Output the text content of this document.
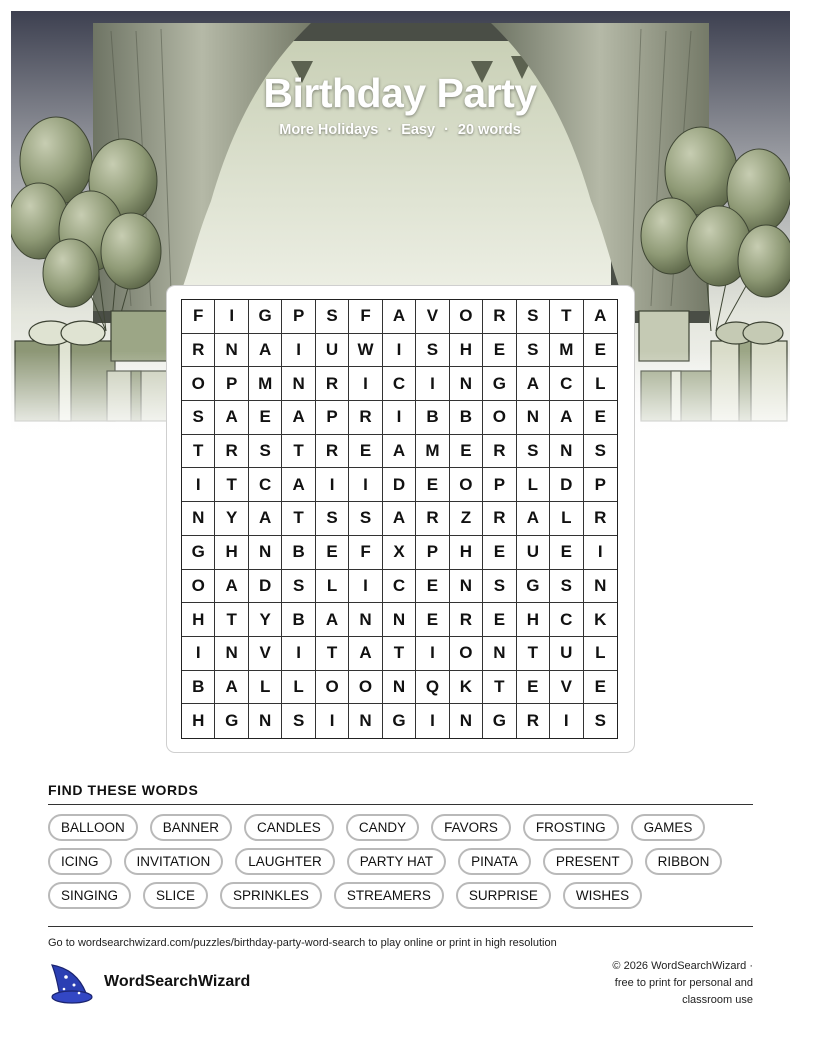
Birthday Party
More Holidays · Easy · 20 words
F	I	G	P	S	F	A	V	O	R	S	T	A
R	N	A	I	U	W	I	S	H	E	S	M	E
O	P	M	N	R	I	C	I	N	G	A	C	L
S	A	E	A	P	R	I	B	B	O	N	A	E
T	R	S	T	R	E	A	M	E	R	S	N	S
I	T	C	A	I	I	D	E	O	P	L	D	P
N	Y	A	T	S	S	A	R	Z	R	A	L	R
G	H	N	B	E	F	X	P	H	E	U	E	I
O	A	D	S	L	I	C	E	N	S	G	S	N
H	T	Y	B	A	N	N	E	R	E	H	C	K
I	N	V	I	T	A	T	I	O	N	T	U	L
B	A	L	L	O	O	N	Q	K	T	E	V	E
H	G	N	S	I	N	G	I	N	G	R	I	S
FIND THESE WORDS
BALLOON	BANNER	CANDLES	CANDY	FAVORS	FROSTING	GAMES
ICING	INVITATION	LAUGHTER	PARTY HAT	PINATA	PRESENT	RIBBON
SINGING	SLICE	SPRINKLES	STREAMERS	SURPRISE	WISHES
Go to wordsearchwizard.com/puzzles/birthday-party-word-search to play online or print in high resolution
WordSearchWizard
© 2026 WordSearchWizard ·
free to print for personal and
classroom use
